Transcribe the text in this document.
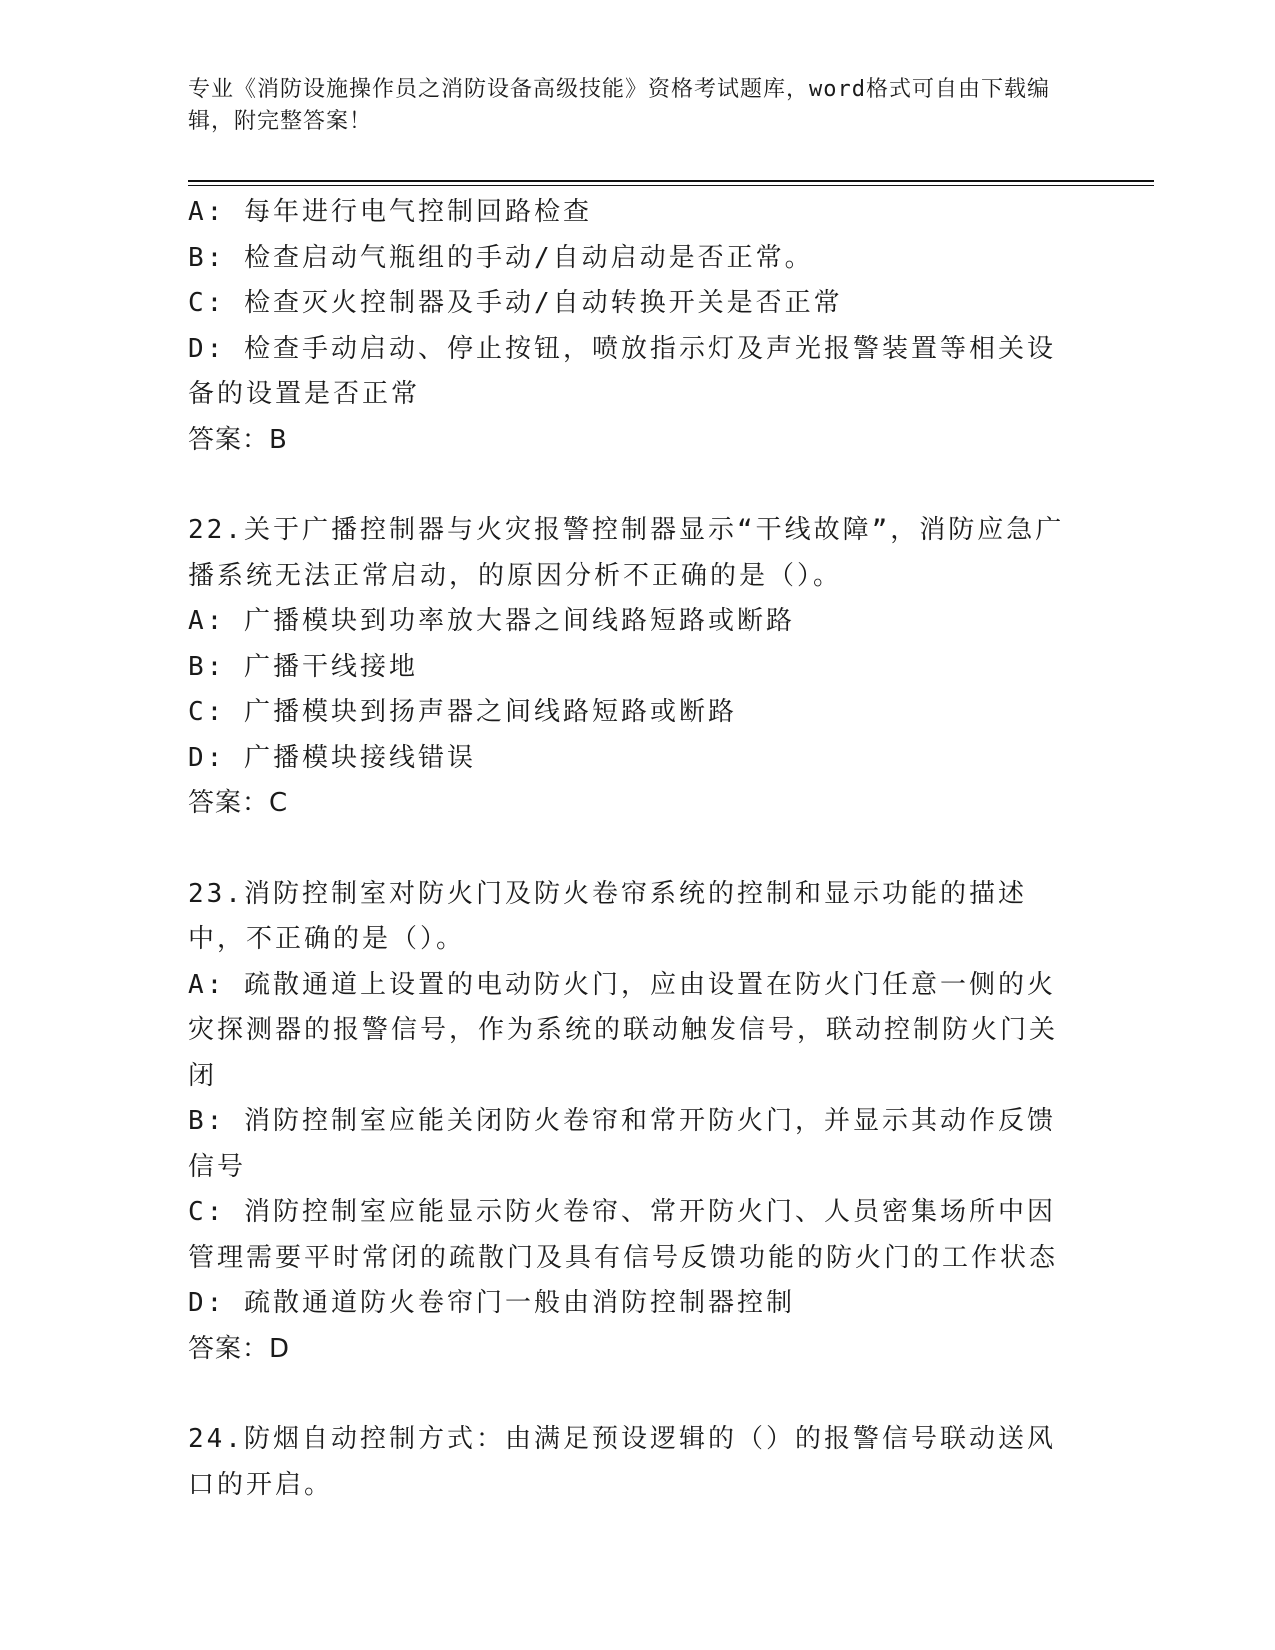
专业《消防设施操作员之消防设备高级技能》资格考试题库，word格式可自由下载编辑，附完整答案！
A: 每年进行电气控制回路检查
B: 检查启动气瓶组的手动/自动启动是否正常。
C: 检查灭火控制器及手动/自动转换开关是否正常
D: 检查手动启动、停止按钮，喷放指示灯及声光报警装置等相关设备的设置是否正常
答案：B
22.关于广播控制器与火灾报警控制器显示“干线故障”，消防应急广播系统无法正常启动，的原因分析不正确的是（）。
A: 广播模块到功率放大器之间线路短路或断路
B: 广播干线接地
C: 广播模块到扬声器之间线路短路或断路
D: 广播模块接线错误
答案：C
23.消防控制室对防火门及防火卷帘系统的控制和显示功能的描述中，不正确的是（）。
A: 疏散通道上设置的电动防火门，应由设置在防火门任意一侧的火灾探测器的报警信号，作为系统的联动触发信号，联动控制防火门关闭
B: 消防控制室应能关闭防火卷帘和常开防火门，并显示其动作反馈信号
C: 消防控制室应能显示防火卷帘、常开防火门、人员密集场所中因管理需要平时常闭的疏散门及具有信号反馈功能的防火门的工作状态
D: 疏散通道防火卷帘门一般由消防控制器控制
答案：D
24.防烟自动控制方式：由满足预设逻辑的（）的报警信号联动送风口的开启。
